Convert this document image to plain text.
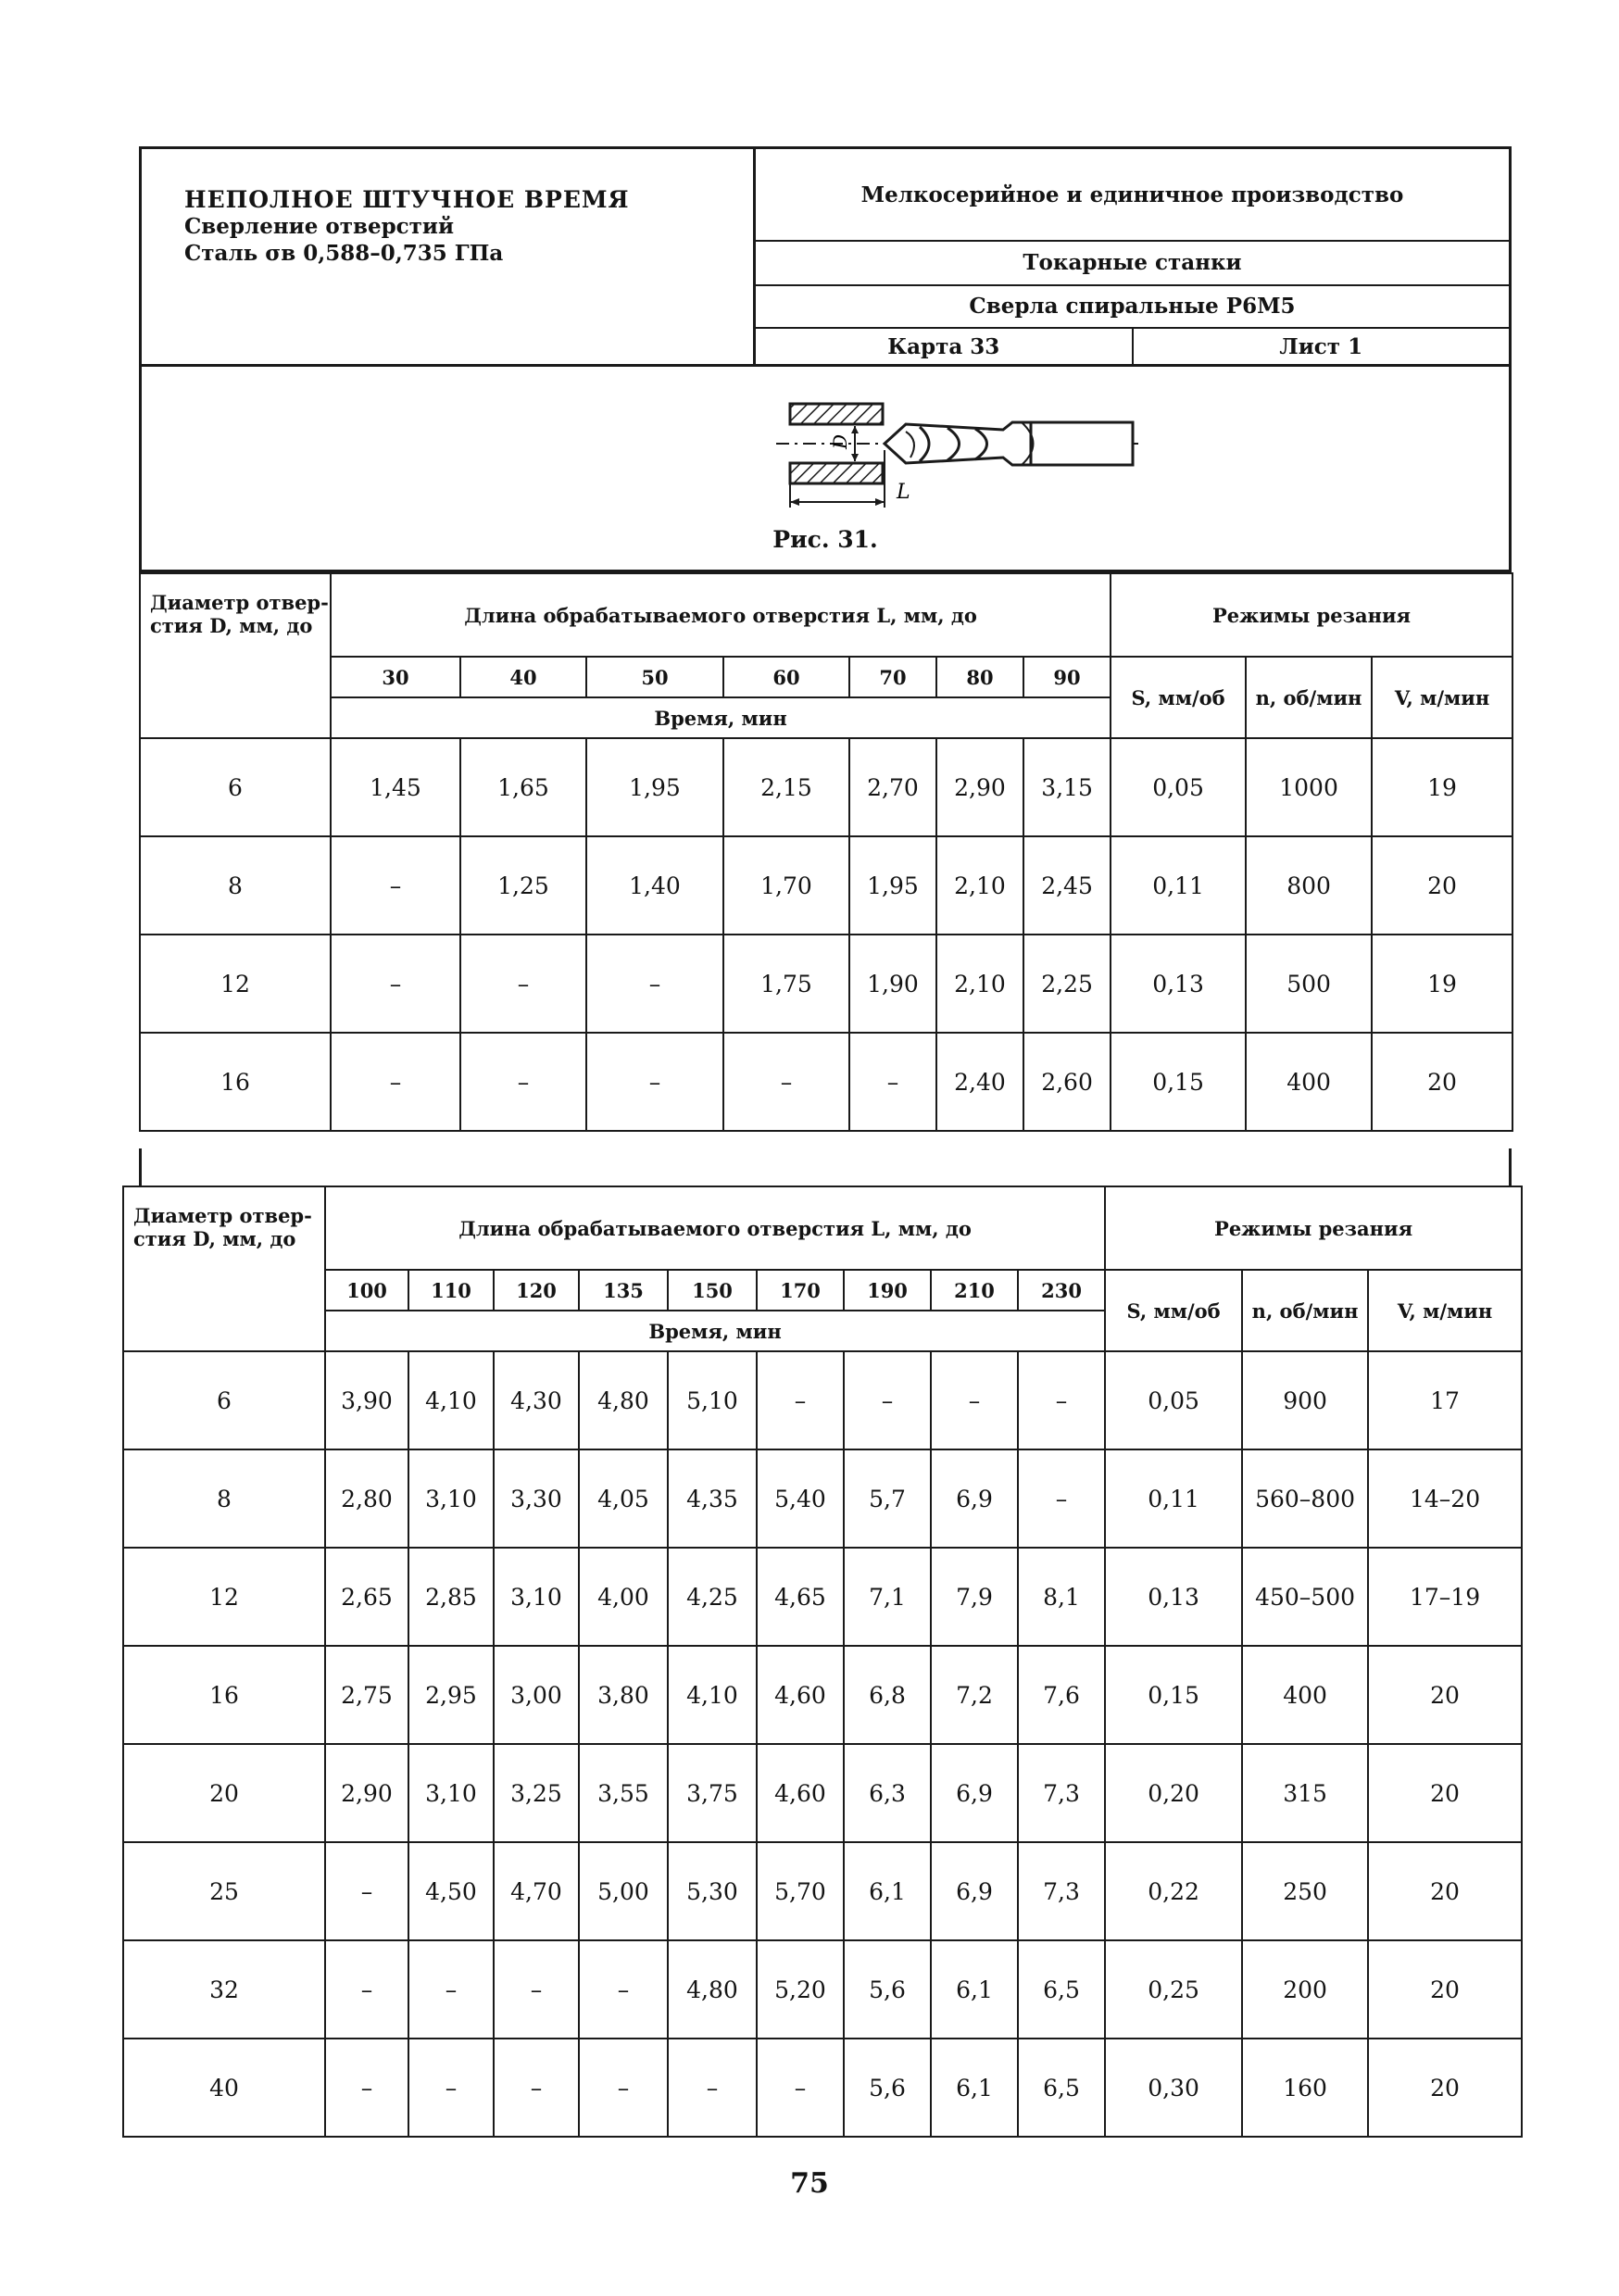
НЕПОЛНОЕ ШТУЧНОЕ ВРЕМЯ
Сверление отверстий
Сталь σв 0,588–0,735 ГПа
Мелкосерийное и единичное производство
Токарные станки
Сверла спиральные Р6М5
Карта 33	Лист 1
D
L
Рис. 31.
Диаметр отвер-стия D, мм, до	Длина обрабатываемого отверстия L, мм, до							Режимы резания		
	30	40	50	60	70	80	90	S, мм/об	n, об/мин	V, м/мин
	Время, мин									
6	1,45	1,65	1,95	2,15	2,70	2,90	3,15	0,05	1000	19
8	–	1,25	1,40	1,70	1,95	2,10	2,45	0,11	800	20
12	–	–	–	1,75	1,90	2,10	2,25	0,13	500	19
16	–	–	–	–	–	2,40	2,60	0,15	400	20
Диаметр отвер-стия D, мм, до	Длина обрабатываемого отверстия L, мм, до									Режимы резания		
	100	110	120	135	150	170	190	210	230	S, мм/об	n, об/мин	V, м/мин
	Время, мин											
6	3,90	4,10	4,30	4,80	5,10	–	–	–	–	0,05	900	17
8	2,80	3,10	3,30	4,05	4,35	5,40	5,7	6,9	–	0,11	560–800	14–20
12	2,65	2,85	3,10	4,00	4,25	4,65	7,1	7,9	8,1	0,13	450–500	17–19
16	2,75	2,95	3,00	3,80	4,10	4,60	6,8	7,2	7,6	0,15	400	20
20	2,90	3,10	3,25	3,55	3,75	4,60	6,3	6,9	7,3	0,20	315	20
25	–	4,50	4,70	5,00	5,30	5,70	6,1	6,9	7,3	0,22	250	20
32	–	–	–	–	4,80	5,20	5,6	6,1	6,5	0,25	200	20
40	–	–	–	–	–	–	5,6	6,1	6,5	0,30	160	20
75
